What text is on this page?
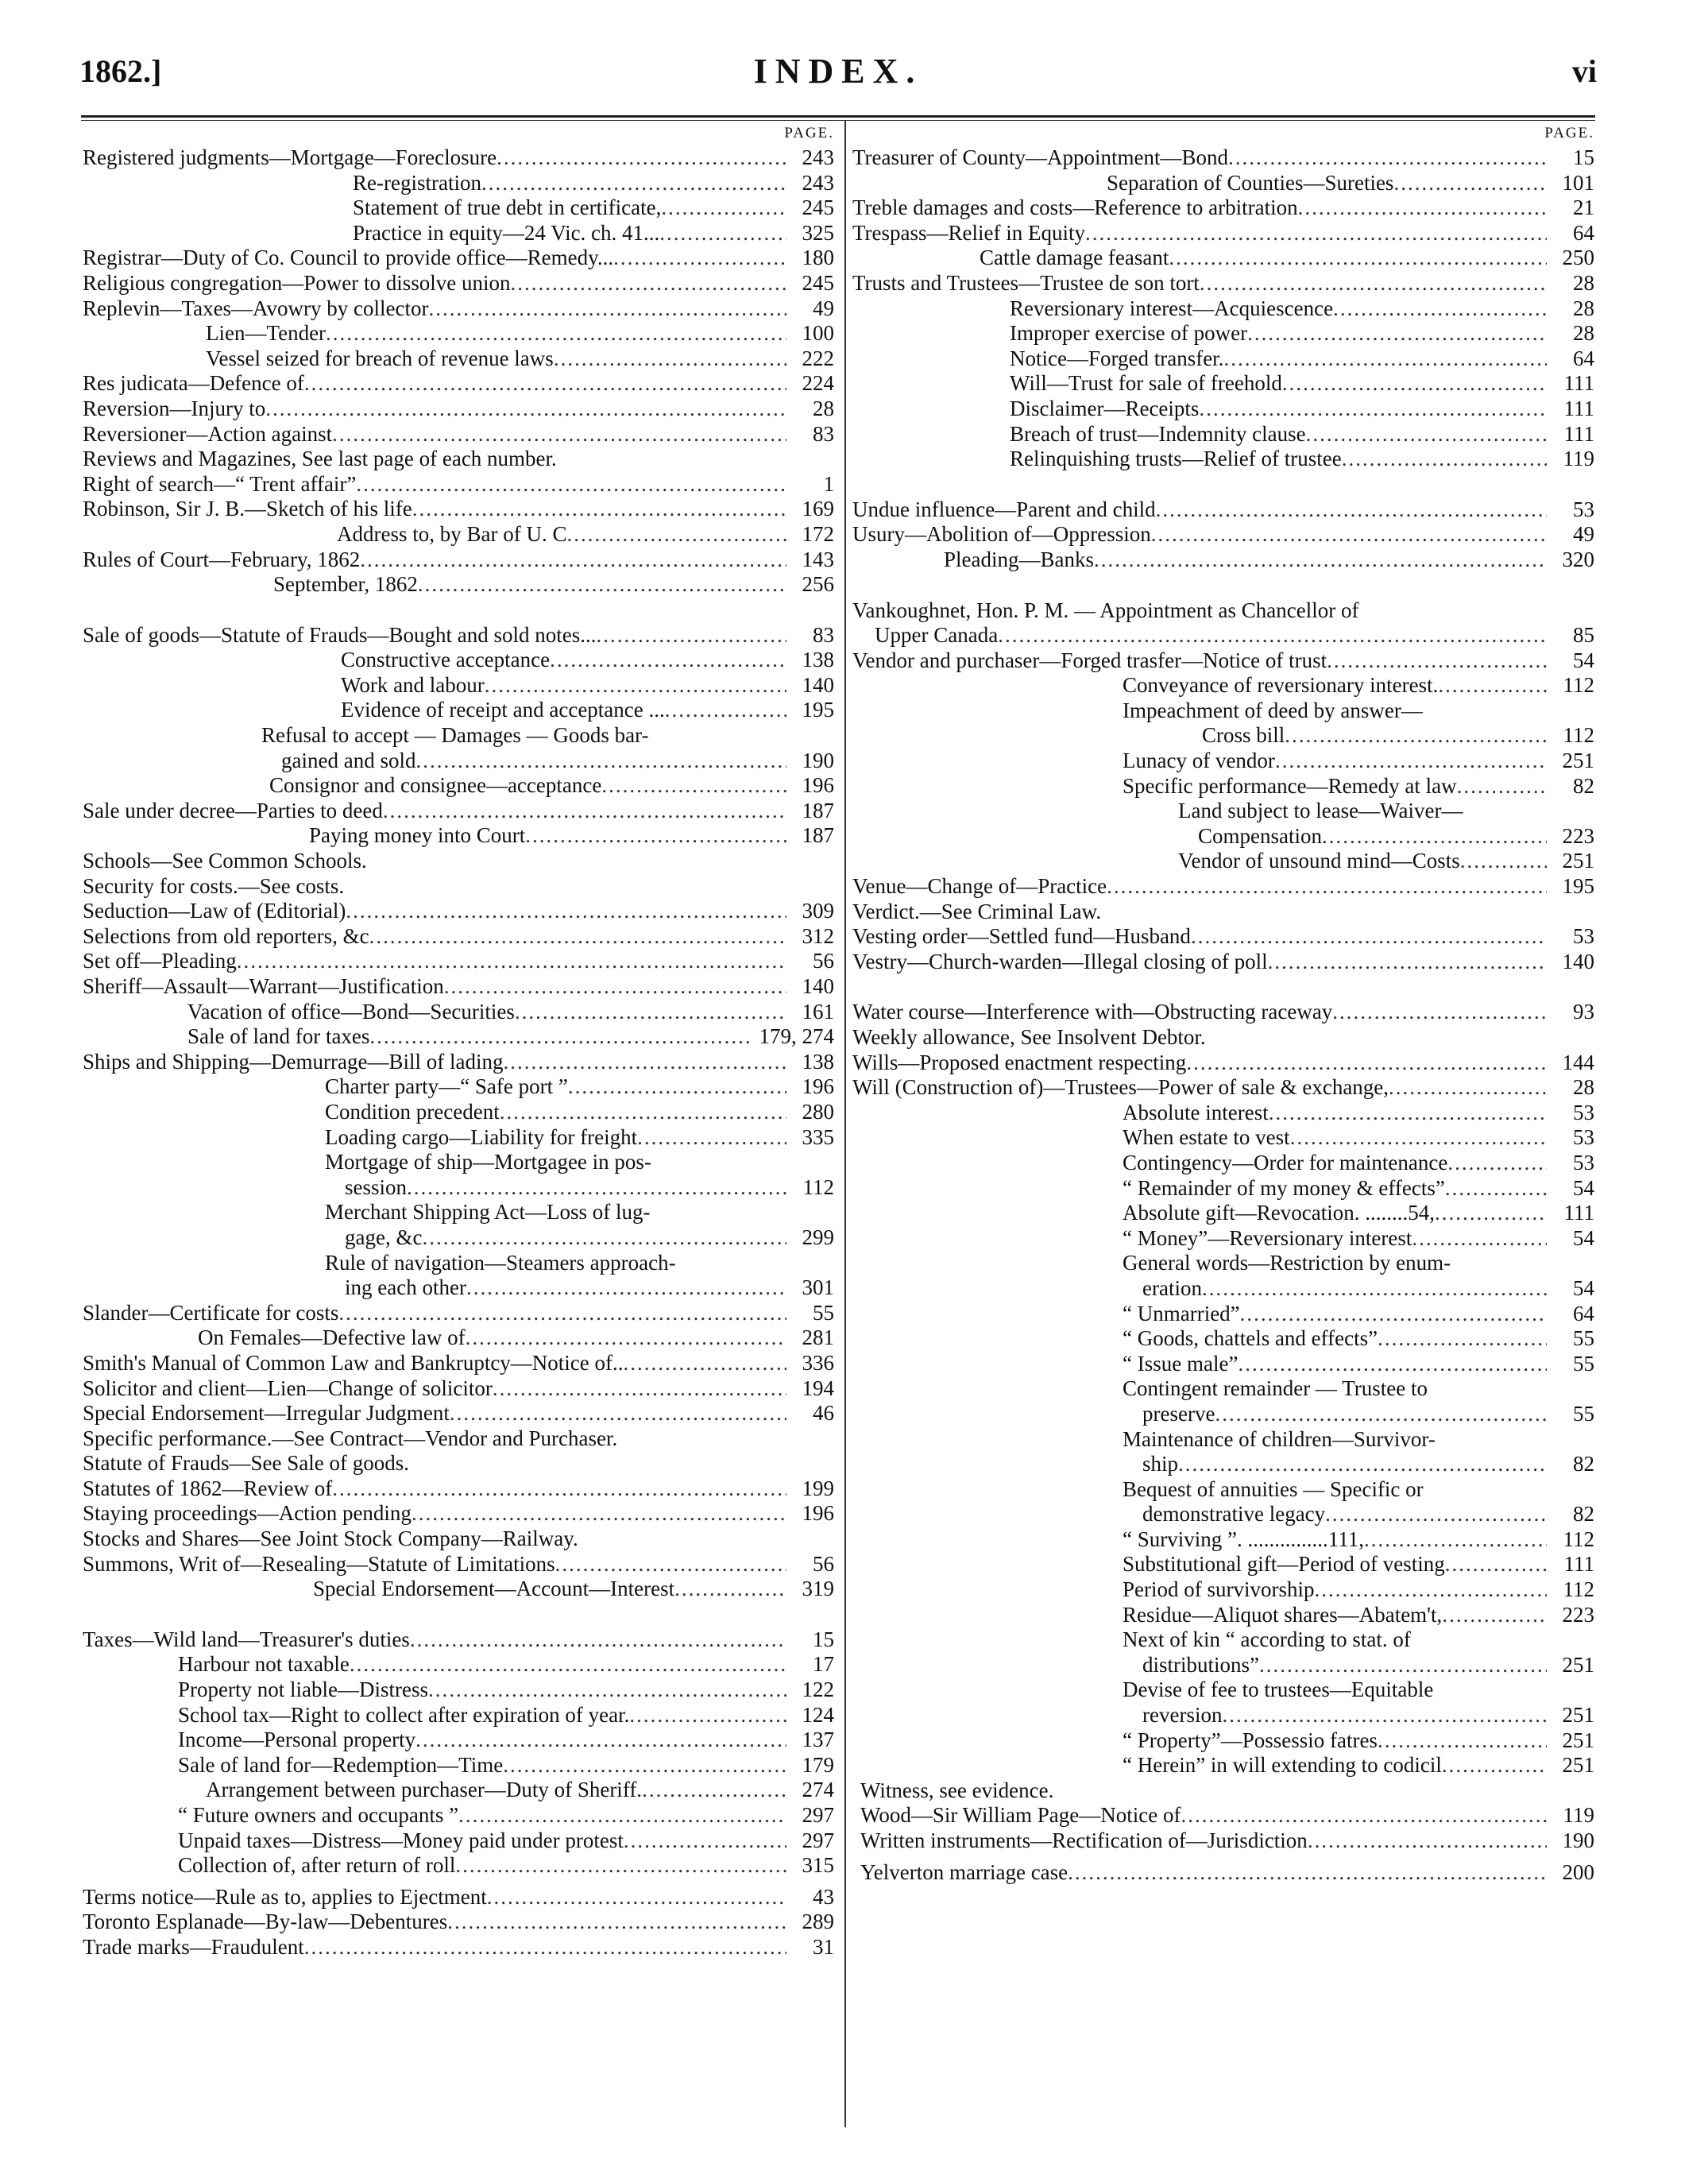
1862.]	INDEX.	vi
PAGE.
Registered judgments—Mortgage—Foreclosure .....	243
Re-registration .....	243
Statement of true debt in certificate, .....	245
Practice in equity—24 Vic. ch. 41... .....	325
Registrar—Duty of Co. Council to provide office—Remedy... .....	180
Religious congregation—Power to dissolve union .....	245
Replevin—Taxes—Avowry by collector .....	49
Lien—Tender .....	100
Vessel seized for breach of revenue laws .....	222
Res judicata—Defence of .....	224
Reversion—Injury to .....	28
Reversioner—Action against .....	83
Reviews and Magazines, See last page of each number.
Right of search—“ Trent affair” .....	1
Robinson, Sir J. B.—Sketch of his life .....	169
Address to, by Bar of U. C .....	172
Rules of Court—February, 1862 .....	143
September, 1862 .....	256
Sale of goods—Statute of Frauds—Bought and sold notes... .....	83
Constructive acceptance .....	138
Work and labour .....	140
Evidence of receipt and acceptance ... .....	195
Refusal to accept — Damages — Goods bar-
gained and sold .....	190
Consignor and consignee—acceptance .....	196
Sale under decree—Parties to deed .....	187
Paying money into Court .....	187
Schools—See Common Schools.
Security for costs.—See costs.
Seduction—Law of (Editorial) .....	309
Selections from old reporters, &c .....	312
Set off—Pleading .....	56
Sheriff—Assault—Warrant—Justification .....	140
Vacation of office—Bond—Securities .....	161
Sale of land for taxes .....	179, 274
Ships and Shipping—Demurrage—Bill of lading .....	138
Charter party—“ Safe port ” .....	196
Condition precedent .....	280
Loading cargo—Liability for freight .....	335
Mortgage of ship—Mortgagee in pos-
session .....	112
Merchant Shipping Act—Loss of lug-
gage, &c .....	299
Rule of navigation—Steamers approach-
ing each other .....	301
Slander—Certificate for costs .....	55
On Females—Defective law of .....	281
Smith's Manual of Common Law and Bankruptcy—Notice of.. .....	336
Solicitor and client—Lien—Change of solicitor .....	194
Special Endorsement—Irregular Judgment .....	46
Specific performance.—See Contract—Vendor and Purchaser.
Statute of Frauds—See Sale of goods.
Statutes of 1862—Review of .....	199
Staying proceedings—Action pending .....	196
Stocks and Shares—See Joint Stock Company—Railway.
Summons, Writ of—Resealing—Statute of Limitations .....	56
Special Endorsement—Account—Interest .....	319
Taxes—Wild land—Treasurer's duties .....	15
Harbour not taxable .....	17
Property not liable—Distress .....	122
School tax—Right to collect after expiration of year. .....	124
Income—Personal property .....	137
Sale of land for—Redemption—Time .....	179
Arrangement between purchaser—Duty of Sheriff. .....	274
“ Future owners and occupants ” .....	297
Unpaid taxes—Distress—Money paid under protest .....	297
Collection of, after return of roll .....	315
Terms notice—Rule as to, applies to Ejectment .....	43
Toronto Esplanade—By-law—Debentures .....	289
Trade marks—Fraudulent .....	31
PAGE.
Treasurer of County—Appointment—Bond .....	15
Separation of Counties—Sureties .....	101
Treble damages and costs—Reference to arbitration .....	21
Trespass—Relief in Equity .....	64
Cattle damage feasant .....	250
Trusts and Trustees—Trustee de son tort .....	28
Reversionary interest—Acquiescence .....	28
Improper exercise of power .....	28
Notice—Forged transfer. .....	64
Will—Trust for sale of freehold .....	111
Disclaimer—Receipts .....	111
Breach of trust—Indemnity clause .....	111
Relinquishing trusts—Relief of trustee .....	119
Undue influence—Parent and child .....	53
Usury—Abolition of—Oppression .....	49
Pleading—Banks .....	320
Vankoughnet, Hon. P. M. — Appointment as Chancellor of
Upper Canada .....	85
Vendor and purchaser—Forged trasfer—Notice of trust .....	54
Conveyance of reversionary interest. .....	112
Impeachment of deed by answer—
Cross bill .....	112
Lunacy of vendor .....	251
Specific performance—Remedy at law .....	82
Land subject to lease—Waiver—
Compensation .....	223
Vendor of unsound mind—Costs .....	251
Venue—Change of—Practice .....	195
Verdict.—See Criminal Law.
Vesting order—Settled fund—Husband .....	53
Vestry—Church-warden—Illegal closing of poll .....	140
Water course—Interference with—Obstructing raceway .....	93
Weekly allowance, See Insolvent Debtor.
Wills—Proposed enactment respecting .....	144
Will (Construction of)—Trustees—Power of sale & exchange, .....	28
Absolute interest .....	53
When estate to vest .....	53
Contingency—Order for maintenance .....	53
“ Remainder of my money & effects” .....	54
Absolute gift—Revocation. ........54, .....	111
“ Money”—Reversionary interest .....	54
General words—Restriction by enum-
eration .....	54
“ Unmarried” .....	64
“ Goods, chattels and effects” .....	55
“ Issue male” .....	55
Contingent remainder — Trustee to
preserve .....	55
Maintenance of children—Survivor-
ship .....	82
Bequest of annuities — Specific or
demonstrative legacy .....	82
“ Surviving ”. ...............111, .....	112
Substitutional gift—Period of vesting .....	111
Period of survivorship .....	112
Residue—Aliquot shares—Abatem't, .....	223
Next of kin “ according to stat. of
distributions” .....	251
Devise of fee to trustees—Equitable
reversion .....	251
“ Property”—Possessio fatres .....	251
“ Herein” in will extending to codicil .....	251
Witness, see evidence.
Wood—Sir William Page—Notice of .....	119
Written instruments—Rectification of—Jurisdiction .....	190
Yelverton marriage case .....	200
